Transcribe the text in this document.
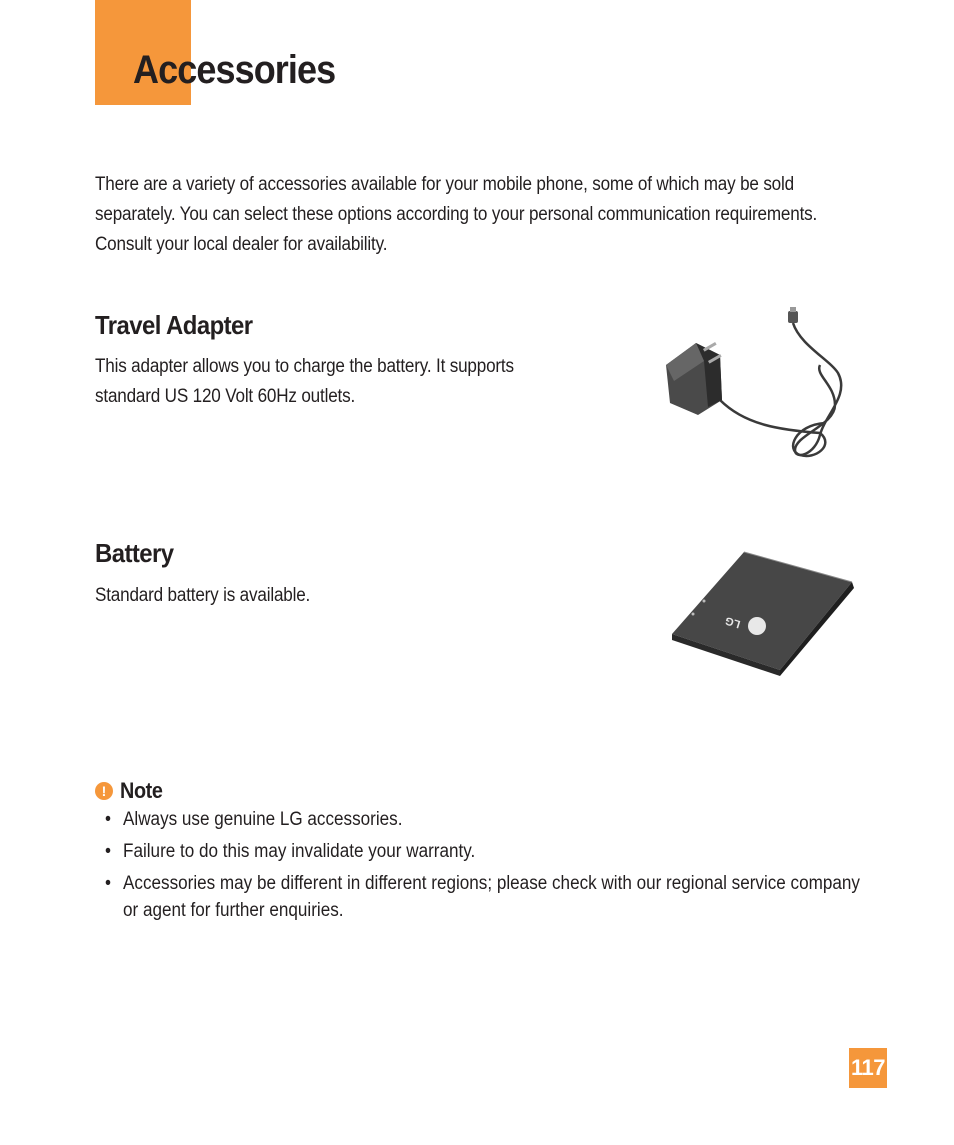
Accessories

There are a variety of accessories available for your mobile phone, some of which may be sold separately. You can select these options according to your personal communication requirements. Consult your local dealer for availability.

Travel Adapter

This adapter allows you to charge the battery. It supports standard US 120 Volt 60Hz outlets.

Battery

Standard battery is available.

LG
! Note
• Always use genuine LG accessories.
• Failure to do this may invalidate your warranty.
• Accessories may be different in different regions; please check with our regional service company or agent for further enquiries.
117
